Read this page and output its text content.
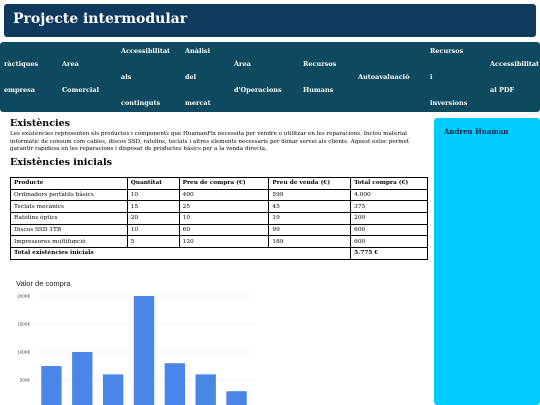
Projecte intermodular
ràctiques

empresa
Area

Comercial
Accessibilitat

als

continguts
Anàlisi

del

mercat
Àrea

d'Operacions
Recursos

Humans
Autoavaluació
Recursos

i

inversions
Accessibilitat

al PDF
Existències

Les existències representen els productes i components que HuamanFix necessita per vendre o utilitzar en les reparacions. Inclou material informàtic de consum com cables, discos SSD, ratolins, teclats i altres elements necessaris per donar servei als clients. Aquest estoc permet garantir rapidesa en les reparacions i disposar de productes bàsics per a la venda directa.

Existències inicials
Producte	Quantitat	Preu de compra (€)	Preu de venda (€)	Total compra (€)
Ordinadors portàtils bàsics	10	400	599	4.000
Teclats mecànics	15	25	45	375
Ratolins òptics	20	10	19	200
Discos SSD 1TB	10	60	99	600
Impressores multifunció	5	120	189	600
Total existències inicials				5.775 €
Andreu Huaman
Valor de compra
2000€
1500€
1000€
500€
